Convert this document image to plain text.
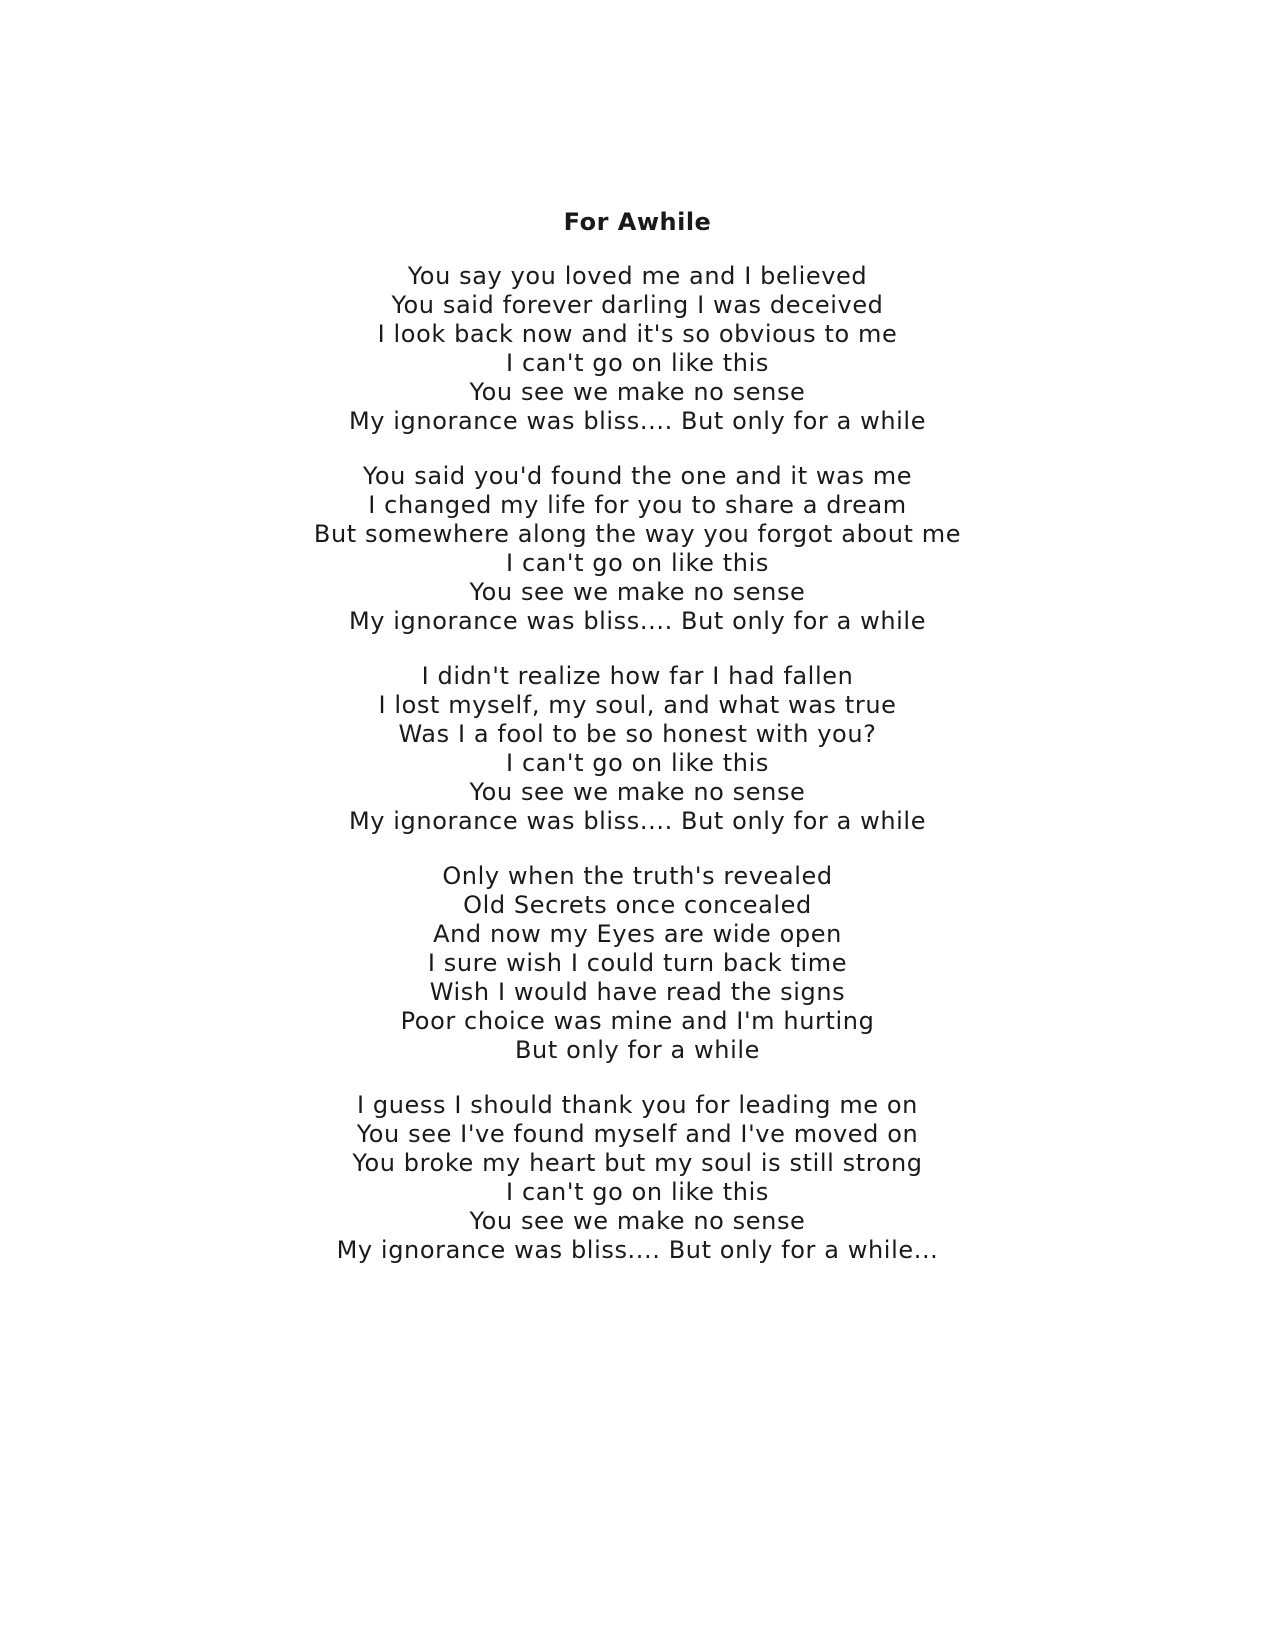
For Awhile
You say you loved me and I believed
You said forever darling I was deceived
I look back now and it's so obvious to me
I can't go on like this
You see we make no sense
My ignorance was bliss.... But only for a while
You said you'd found the one and it was me
I changed my life for you to share a dream
But somewhere along the way you forgot about me
I can't go on like this
You see we make no sense
My ignorance was bliss.... But only for a while
I didn't realize how far I had fallen
I lost myself, my soul, and what was true
Was I a fool to be so honest with you?
I can't go on like this
You see we make no sense
My ignorance was bliss.... But only for a while
Only when the truth's revealed
Old Secrets once concealed
And now my Eyes are wide open
I sure wish I could turn back time
Wish I would have read the signs
Poor choice was mine and I'm hurting
But only for a while
I guess I should thank you for leading me on
You see I've found myself and I've moved on
You broke my heart but my soul is still strong
I can't go on like this
You see we make no sense
My ignorance was bliss.... But only for a while...
